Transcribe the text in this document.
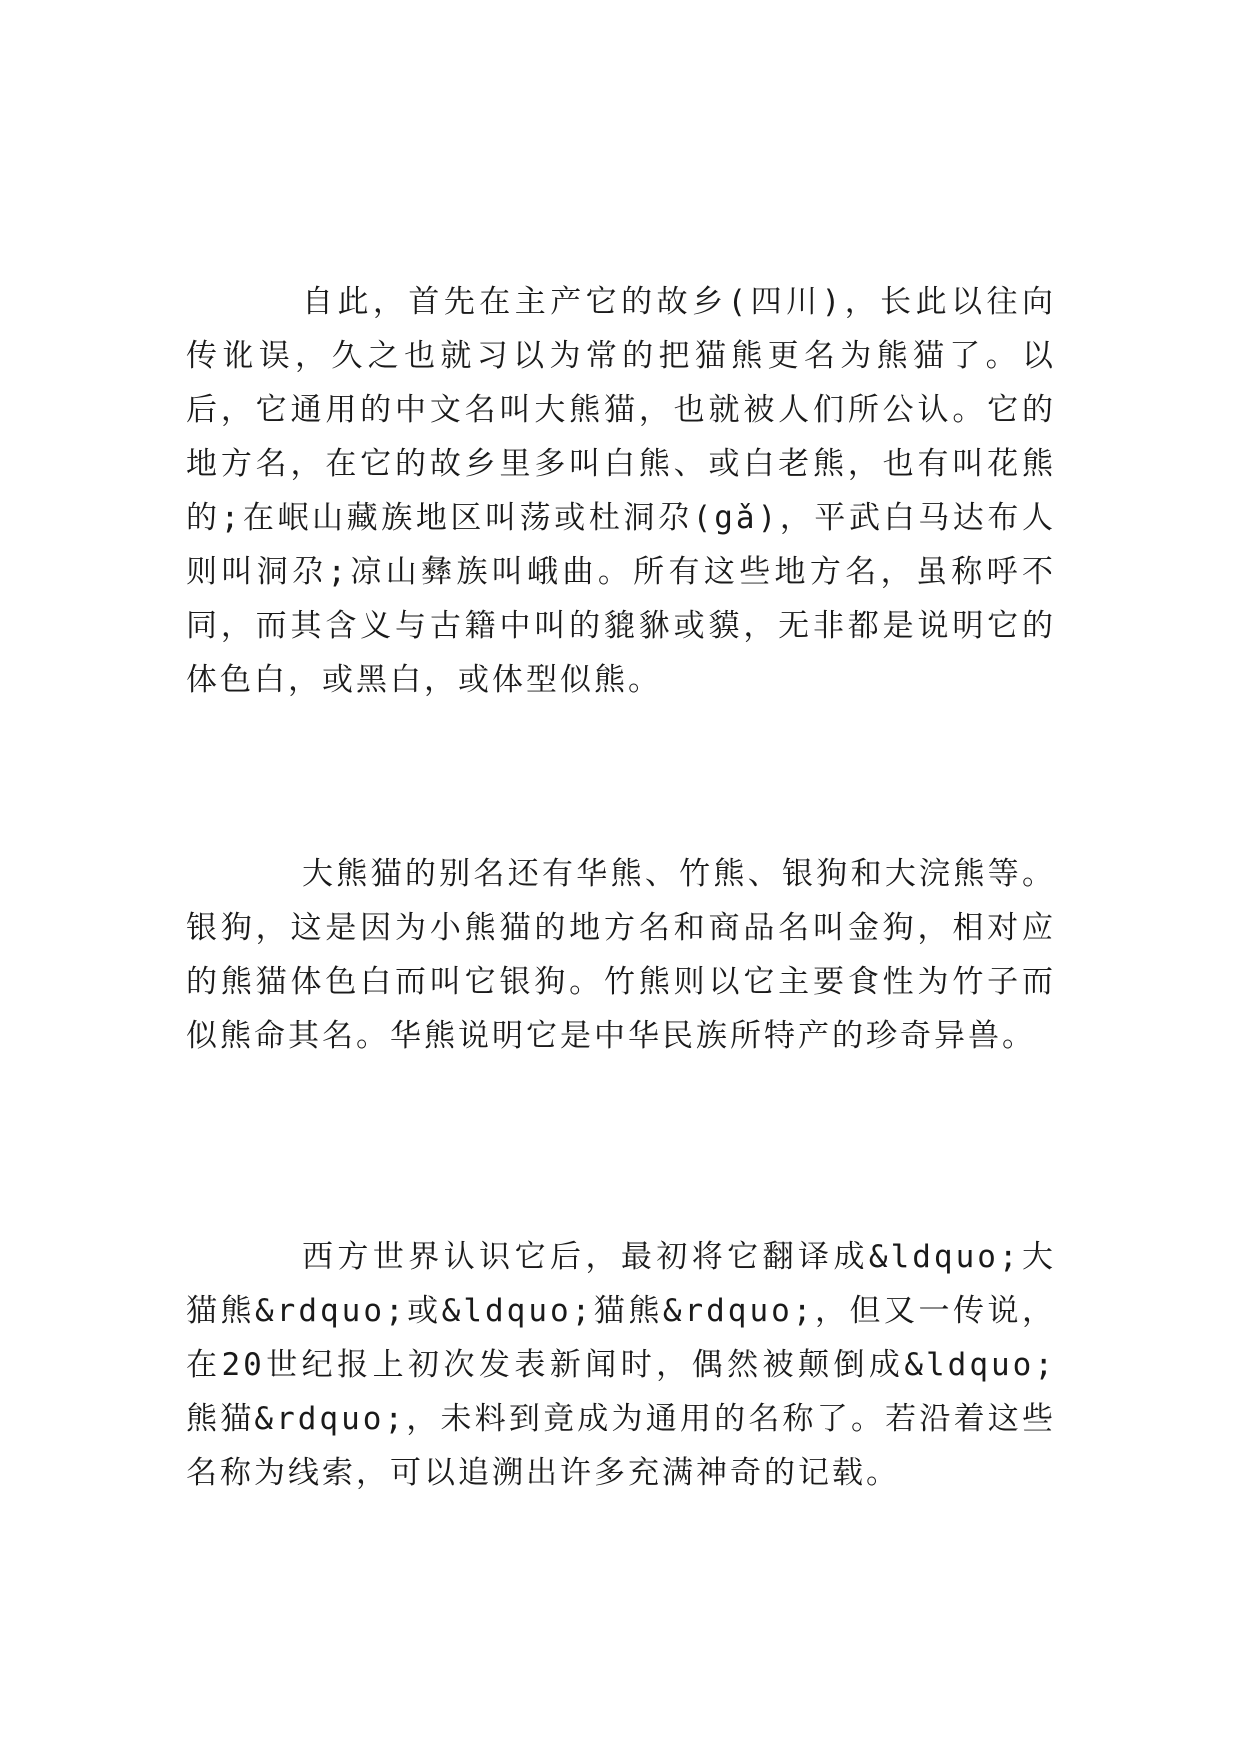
自此，首先在主产它的故乡(四川)，长此以往向传讹误，久之也就习以为常的把猫熊更名为熊猫了。以后，它通用的中文名叫大熊猫，也就被人们所公认。它的地方名，在它的故乡里多叫白熊、或白老熊，也有叫花熊的;在岷山藏族地区叫荡或杜洞尕(gǎ)，平武白马达布人则叫洞尕;凉山彝族叫峨曲。所有这些地方名，虽称呼不同，而其含义与古籍中叫的貔貅或貘，无非都是说明它的体色白，或黑白，或体型似熊。

大熊猫的别名还有华熊、竹熊、银狗和大浣熊等。银狗，这是因为小熊猫的地方名和商品名叫金狗，相对应的熊猫体色白而叫它银狗。竹熊则以它主要食性为竹子而似熊命其名。华熊说明它是中华民族所特产的珍奇异兽。

西方世界认识它后，最初将它翻译成&ldquo;大猫熊&rdquo;或&ldquo;猫熊&rdquo;，但又一传说，在20世纪报上初次发表新闻时，偶然被颠倒成&ldquo;熊猫&rdquo;，未料到竟成为通用的名称了。若沿着这些名称为线索，可以追溯出许多充满神奇的记载。
